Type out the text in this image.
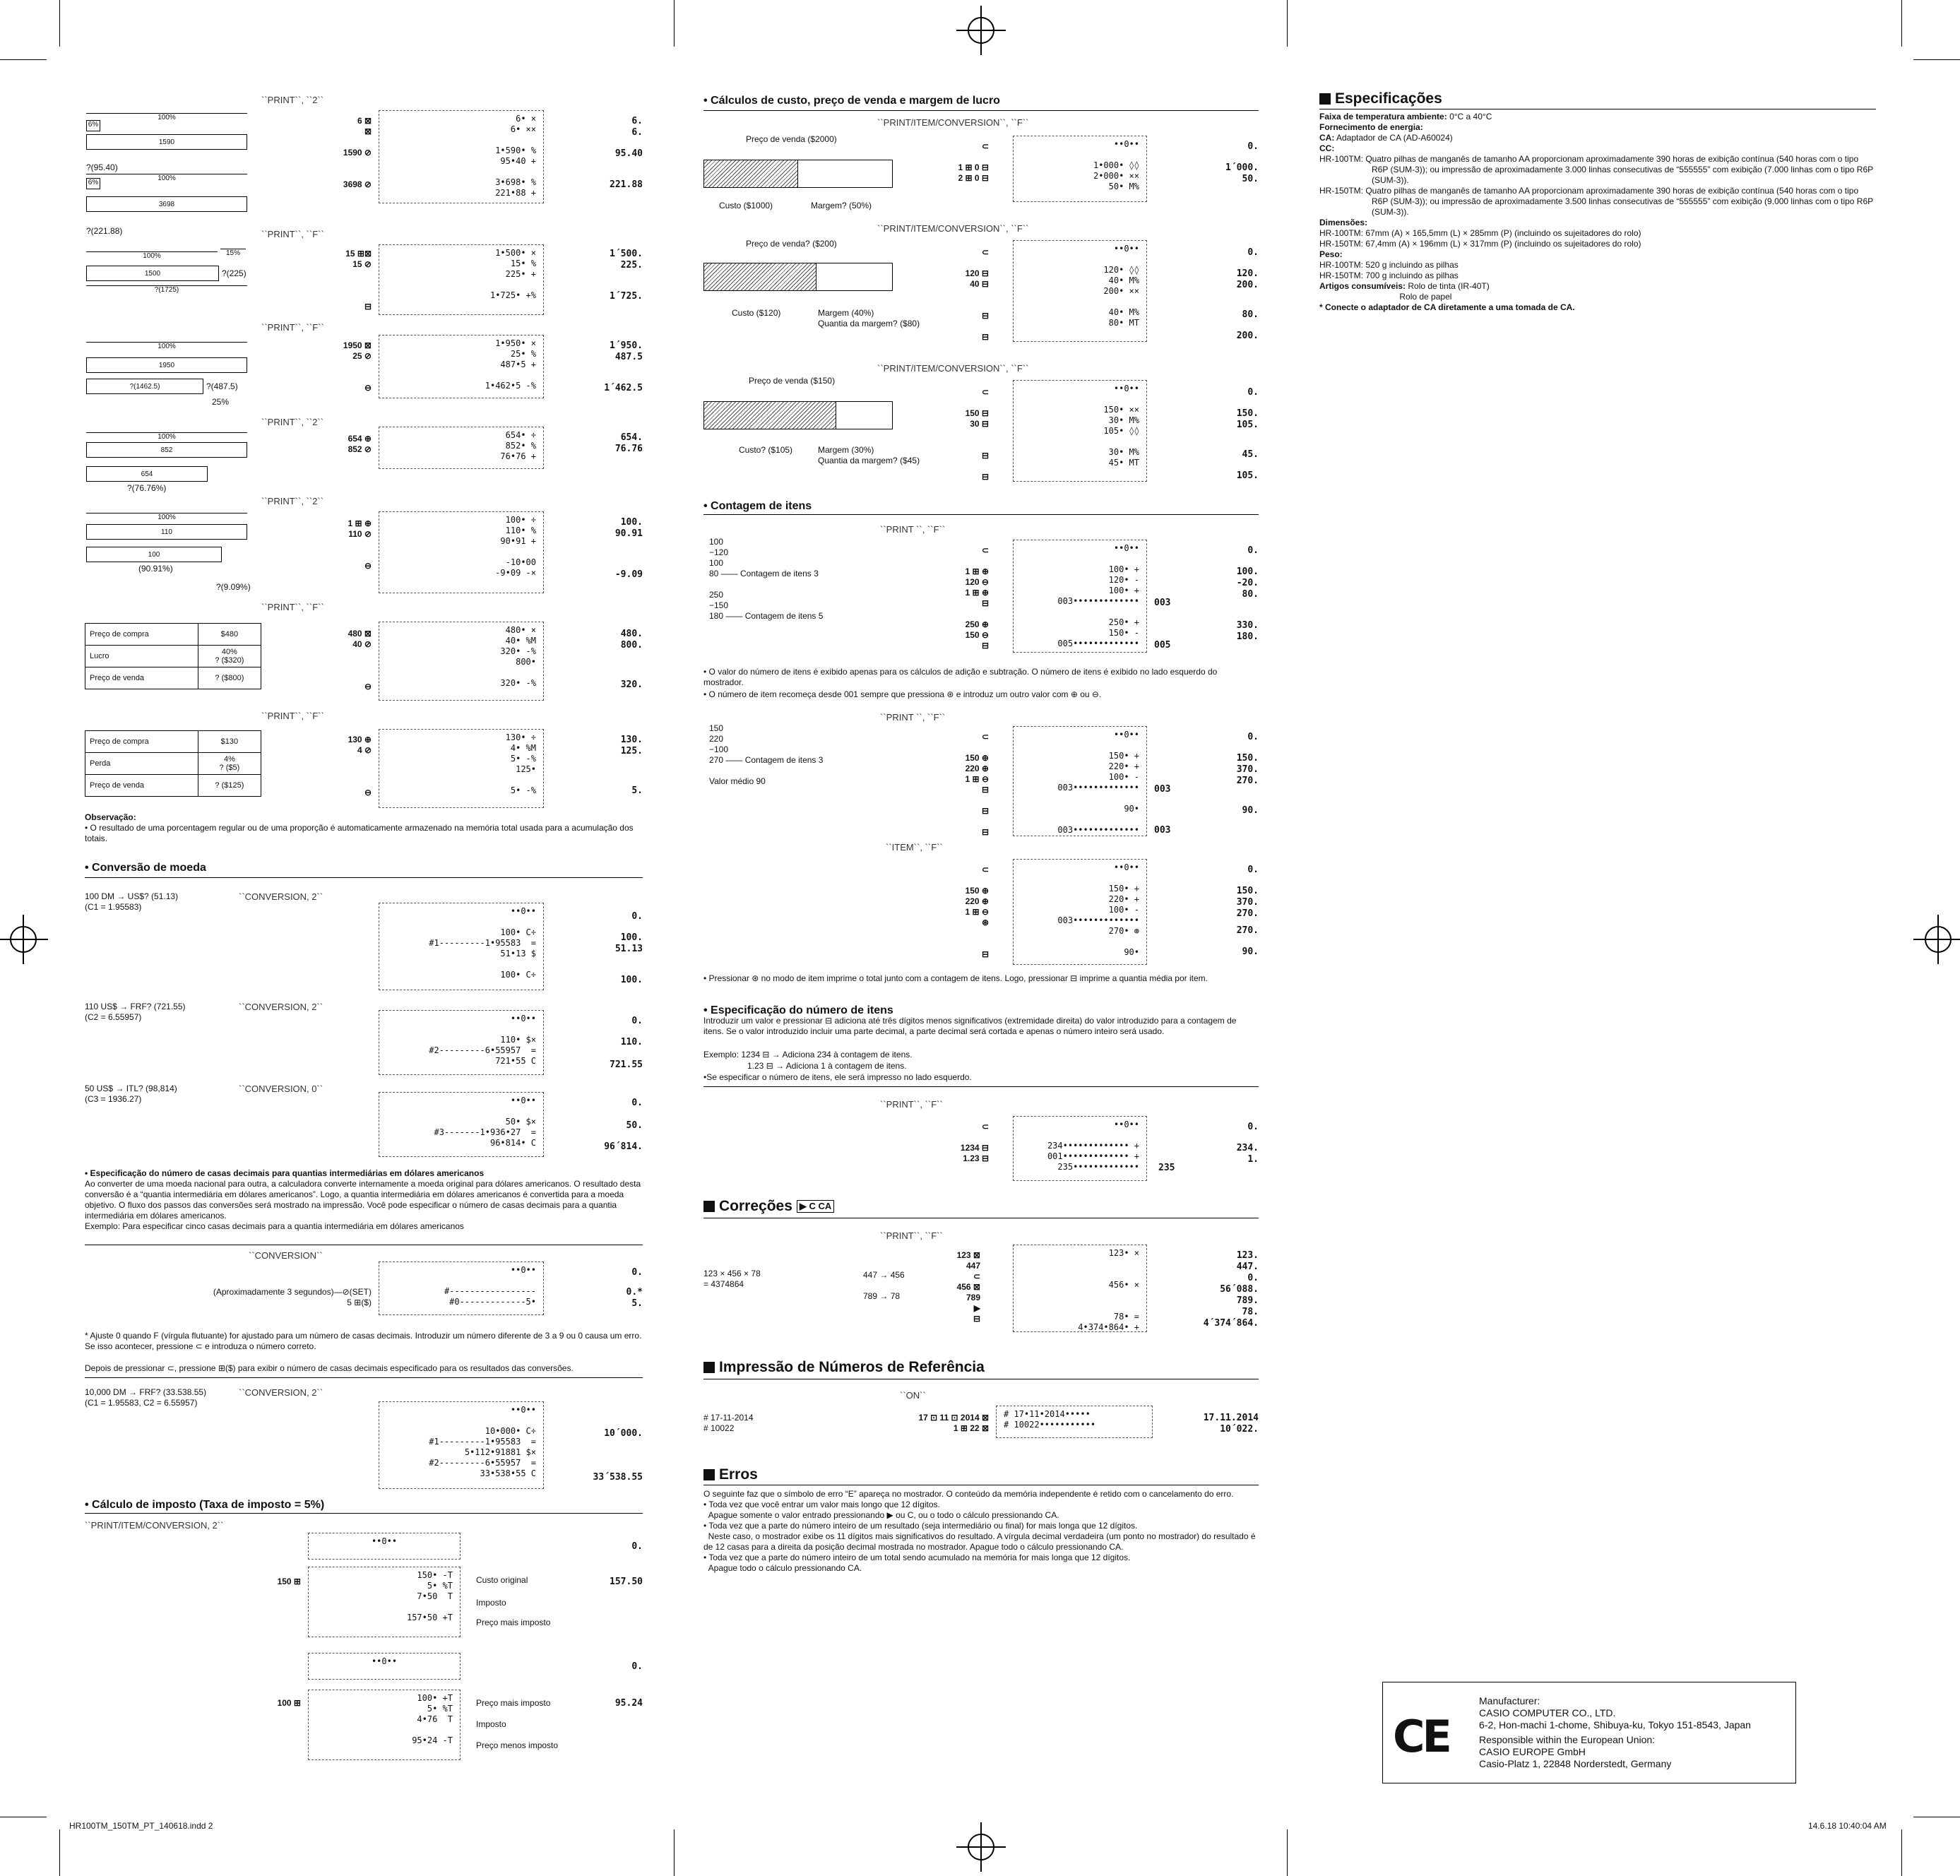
``PRINT``, ``2``
100%
6%
1590
?(95.40)
100%
6%
3698
?(221.88)
6 ⊠
⊠

1590 ⊘

3698 ⊘
6• ×
6• ××

1•590• %
95•40 +

3•698• %
221•88 +
6.
6.
95.40
221.88
``PRINT``, ``F``
100%	15%
1500	?(225)
?(1725)
15 ⊞⊠
15 ⊘

⊟
1•500• ×
15• %
225• +

1•725• +%
1´500.
225.
1´725.
``PRINT``, ``F``
100%
1950
?(1462.5)	?(487.5)
25%
1950 ⊠
25 ⊘

⊖
1•950• ×
25• %
487•5 +

1•462•5 -%
1´950.
487.5
1´462.5
``PRINT``, ``2``
100%
852
654
?(76.76%)
654 ⊕
852 ⊘
654• ÷
852• %
76•76 +
654.
76.76
``PRINT``, ``2``
100%
110
100
(90.91%)
?(9.09%)
1 ⊞ ⊕
110 ⊘

⊖
100• ÷
110• %
90•91 +

-10•00
-9•09 -×
100.
90.91
-9.09
``PRINT``, ``F``
Preço de compra	$480
Lucro	40%
? ($320)
Preço de venda	? ($800)
480 ⊠
40 ⊘

⊖
480• ×
40• %M
320• -%
800•

320• -%
480.
800.
320.
``PRINT``, ``F``
Preço de compra	$130
Perda	4%
? ($5)
Preço de venda	? ($125)
130 ⊕
4 ⊘

⊖
130• ÷
4• %M
5• -%
125•

5• -%
130.
125.
5.
Observação:

• O resultado de uma porcentagem regular ou de uma proporção é automaticamente armazenado na memória total usada para a acumulação dos totais.

• Conversão de moeda
100 DM → US$? (51.13)
(C1 = 1.95583)
``CONVERSION, 2``
••0••

100• C÷
#1---------1•95583  =
51•13 $

100• C÷
0.
100.
51.13
100.
110 US$ → FRF? (721.55)
(C2 = 6.55957)
``CONVERSION, 2``
••0••

110• $×
#2---------6•55957  =
721•55 C
0.
110.
721.55
50 US$ → ITL? (98,814)
(C3 = 1936.27)
``CONVERSION, 0``
••0••

50• $×
#3-------1•936•27  =
96•814• C
0.
50.
96´814.
• Especificação do número de casas decimais para quantias intermediárias em dólares americanos

Ao converter de uma moeda nacional para outra, a calculadora converte internamente a moeda original para dólares americanos. O resultado desta conversão é a “quantia intermediária em dólares americanos”. Logo, a quantia intermediária em dólares americanos é convertida para a moeda objetivo. O fluxo dos passos das conversões será mostrado na impressão. Você pode especificar o número de casas decimais para a quantia intermediária em dólares americanos.

Exemplo: Para especificar cinco casas decimais para a quantia intermediária em dólares americanos

``CONVERSION``
(Aproximadamente 3 segundos)—⊘(SET)
5 ⊞($)
••0••

#-----------------
#0-------------5•
0.
0.*
5.

* Ajuste 0 quando F (vírgula flutuante) for ajustado para um número de casas decimais. Introduzir um número diferente de 3 a 9 ou 0 causa um erro. Se isso acontecer, pressione ⊂ e introduza o número correto.

Depois de pressionar ⊂, pressione ⊞($) para exibir o número de casas decimais especificado para os resultados das conversões.

10,000 DM → FRF? (33.538.55)
(C1 = 1.95583, C2 = 6.55957)
``CONVERSION, 2``
••0••

10•000• C÷
#1---------1•95583  =
5•112•91881 $×
#2---------6•55957  =
33•538•55 C
10´000.
33´538.55
• Cálculo de imposto (Taxa de imposto = 5%)
``PRINT/ITEM/CONVERSION, 2``
••0••	0.
150 ⊞
150• -T
5• %T
7•50  T

157•50 +T
Custo original
Imposto
Preço mais imposto
157.50
••0••	0.
100 ⊞	100• +T
5• %T
4•76  T

95•24 -T
Preço mais imposto
Imposto
Preço menos imposto
95.24
• Cálculos de custo, preço de venda e margem de lucro
``PRINT/ITEM/CONVERSION``, ``F``
Preço de venda ($2000)
Custo ($1000)	Margem? (50%)
⊂

1 ⊞ 0 ⊟
2 ⊞ 0 ⊟
••0••

1•000• ◊◊
2•000• ××
50• M%
0.
1´000.
50.
``PRINT/ITEM/CONVERSION``, ``F``
Preço de venda? ($200)
Custo ($120)	Margem (40%)
Quantia da margem? ($80)
⊂

120 ⊟
40 ⊟

⊟

⊟
••0••

120• ◊◊
40• M%
200• ××

40• M%
80• MT
0.
120.
200.
80.
200.
``PRINT/ITEM/CONVERSION``, ``F``
Preço de venda ($150)
Custo? ($105)	Margem (30%)
Quantia da margem? ($45)
⊂

150 ⊟
30 ⊟

⊟

⊟
••0••

150• ××
30• M%
105• ◊◊

30• M%
45• MT
0.
150.
105.
45.
105.
• Contagem de itens
``PRINT ``, ``F``
100
−120
100
80 —— Contagem de itens 3

250
−150
180 —— Contagem de itens 5
⊂

1 ⊞ ⊕
120 ⊖
1 ⊞ ⊕
⊟

250 ⊕
150 ⊖
⊟
••0••

100• +
120• -
100• +
003•••••••••••••

250• +
150• -
005•••••••••••••
003
005
0.
100.
-20.
80.
330.
180.

• O valor do número de itens é exibido apenas para os cálculos de adição e subtração. O número de itens é exibido no lado esquerdo do mostrador.

• O número de item recomeça desde 001 sempre que pressiona ⊛ e introduz um outro valor com ⊕ ou ⊖.

``PRINT ``, ``F``
150
220
−100
270 —— Contagem de itens 3

Valor médio 90
⊂

150 ⊕
220 ⊕
1 ⊞ ⊖
⊟

⊟

⊟
••0••

150• +
220• +
100• -
003•••••••••••••

90•

003•••••••••••••
003
003
0.
150.
370.
270.
90.
``ITEM``, ``F``
⊂

150 ⊕
220 ⊕
1 ⊞ ⊖
⊛

⊟
••0••

150• +
220• +
100• -
003•••••••••••••
270• ⊛

90•
0.
150.
370.
270.
270.
90.

• Pressionar ⊛ no modo de item imprime o total junto com a contagem de itens. Logo, pressionar ⊟ imprime a quantia média por item.

• Especificação do número de itens

Introduzir um valor e pressionar ⊟ adiciona até três dígitos menos significativos (extremidade direita) do valor introduzido para a contagem de itens. Se o valor introduzido incluir uma parte decimal, a parte decimal será cortada e apenas o número inteiro será usado.

Exemplo: 1234 ⊟ → Adiciona 234 à contagem de itens.

1.23 ⊟ → Adiciona 1 à contagem de itens.

•Se especificar o número de itens, ele será impresso no lado esquerdo.

``PRINT``, ``F``
⊂

1234 ⊟
1.23 ⊟
••0••

234••••••••••••• +
001••••••••••••• +
235•••••••••••••	235
0.
234.
1.
Correções ▶ C CA
``PRINT``, ``F``
123 × 456 × 78
= 4374864
447 → 456

789 → 78
123 ⊠
447
⊂
456 ⊠
789
▶
⊟
123• ×

456• ×

78• =
4•374•864• +
123.
447.
0.
56´088.
789.
78.
4´374´864.
Impressão de Números de Referência
``ON``
# 17-11-2014
# 10022
17 ⊡ 11 ⊡ 2014 ⊠
1 ⊞ 22 ⊠
# 17•11•2014•••••
# 10022•••••••••••
17.11.2014
10´022.
Erros

O seguinte faz que o símbolo de erro “E” apareça no mostrador. O conteúdo da memória independente é retido com o cancelamento do erro.
• Toda vez que você entrar um valor mais longo que 12 dígitos.
Apague somente o valor entrado pressionando ▶ ou C, ou o todo o cálculo pressionando CA.
• Toda vez que a parte do número inteiro de um resultado (seja intermediário ou final) for mais longa que 12 dígitos.
Neste caso, o mostrador exibe os 11 dígitos mais significativos do resultado. A vírgula decimal verdadeira (um ponto no mostrador) do resultado é de 12 casas para a direita da posição decimal mostrada no mostrador. Apague todo o cálculo pressionando CA.
• Toda vez que a parte do número inteiro de um total sendo acumulado na memória for mais longa que 12 dígitos.
Apague todo o cálculo pressionando CA.

Especificações

Faixa de temperatura ambiente: 0°C a 40°C

Fornecimento de energia:

CA: Adaptador de CA (AD-A60024)

CC:

HR-100TM: Quatro pilhas de manganês de tamanho AA proporcionam aproximadamente 390 horas de exibição contínua (540 horas com o tipo R6P (SUM-3)); ou impressão de aproximadamente 3.000 linhas consecutivas de “555555” com exibição (7.000 linhas com o tipo R6P (SUM-3)).

HR-150TM: Quatro pilhas de manganês de tamanho AA proporcionam aproximadamente 390 horas de exibição contínua (540 horas com o tipo R6P (SUM-3)); ou impressão de aproximadamente 3.500 linhas consecutivas de “555555” com exibição (9.000 linhas com o tipo R6P (SUM-3)).

Dimensões:

HR-100TM: 67mm (A) × 165,5mm (L) × 285mm (P) (incluindo os sujeitadores do rolo)

HR-150TM: 67,4mm (A) × 196mm (L) × 317mm (P) (incluindo os sujeitadores do rolo)

Peso:

HR-100TM: 520 g incluindo as pilhas

HR-150TM: 700 g incluindo as pilhas

Artigos consumíveis: Rolo de tinta (IR-40T)

Rolo de papel

* Conecte o adaptador de CA diretamente a uma tomada de CA.

CE
Manufacturer:
CASIO COMPUTER CO., LTD.
6-2, Hon-machi 1-chome, Shibuya-ku, Tokyo 151-8543, Japan
Responsible within the European Union:
CASIO EUROPE GmbH
Casio-Platz 1, 22848 Norderstedt, Germany
HR100TM_150TM_PT_140618.indd 2	14.6.18 10:40:04 AM
